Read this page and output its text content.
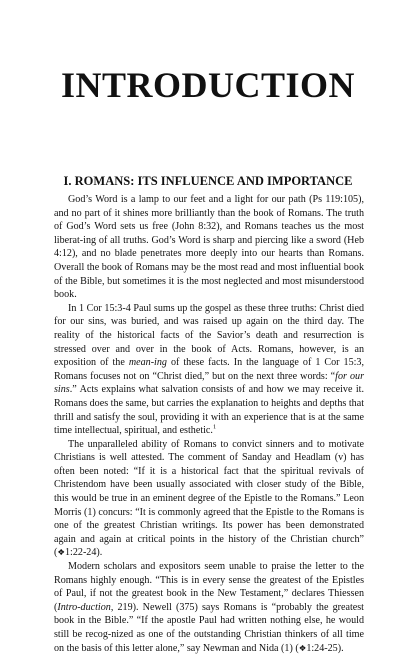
INTRODUCTION
I. ROMANS: ITS INFLUENCE AND IMPORTANCE

God’s Word is a lamp to our feet and a light for our path (Ps 119:105), and no part of it shines more brilliantly than the book of Romans. The truth of God’s Word sets us free (John 8:32), and Romans teaches us the most liberat-ing of all truths. God’s Word is sharp and piercing like a sword (Heb 4:12), and no blade penetrates more deeply into our hearts than Romans. Overall the book of Romans may be the most read and most influential book of the Bible, but sometimes it is the most neglected and most misunderstood book.

In 1 Cor 15:3-4 Paul sums up the gospel as these three truths: Christ died for our sins, was buried, and was raised up again on the third day. The reality of the historical facts of the Savior’s death and resurrection is stressed over and over in the book of Acts. Romans, however, is an exposition of the mean-ing of these facts. In the language of 1 Cor 15:3, Romans focuses not on “Christ died,” but on the next three words: “for our sins.” Acts explains what salvation consists of and how we may receive it. Romans does the same, but carries the explanation to heights and depths that thrill and satisfy the soul, providing it with an experience that is at the same time intellectual, spiritual, and esthetic.$^1$

The unparalleled ability of Romans to convict sinners and to motivate Christians is well attested. The comment of Sanday and Headlam (v) has often been noted: “If it is a historical fact that the spiritual revivals of Christendom have been usually associated with closer study of the Bible, this would be true in an eminent degree of the Epistle to the Romans.” Leon Morris (1) concurs: “It is commonly agreed that the Epistle to the Romans is one of the greatest Christian writings. Its power has been demonstrated again and again at critical points in the history of the Christian church” (❖1:22-24).

Modern scholars and expositors seem unable to praise the letter to the Romans highly enough. “This is in every sense the greatest of the Epistles of Paul, if not the greatest book in the New Testament,” declares Thiessen (Intro-duction, 219). Newell (375) says Romans is “probably the greatest book in the Bible.” “If the apostle Paul had written nothing else, he would still be recog-nized as one of the outstanding Christian thinkers of all time on the basis of this letter alone,” say Newman and Nida (1) (❖1:24-25).
